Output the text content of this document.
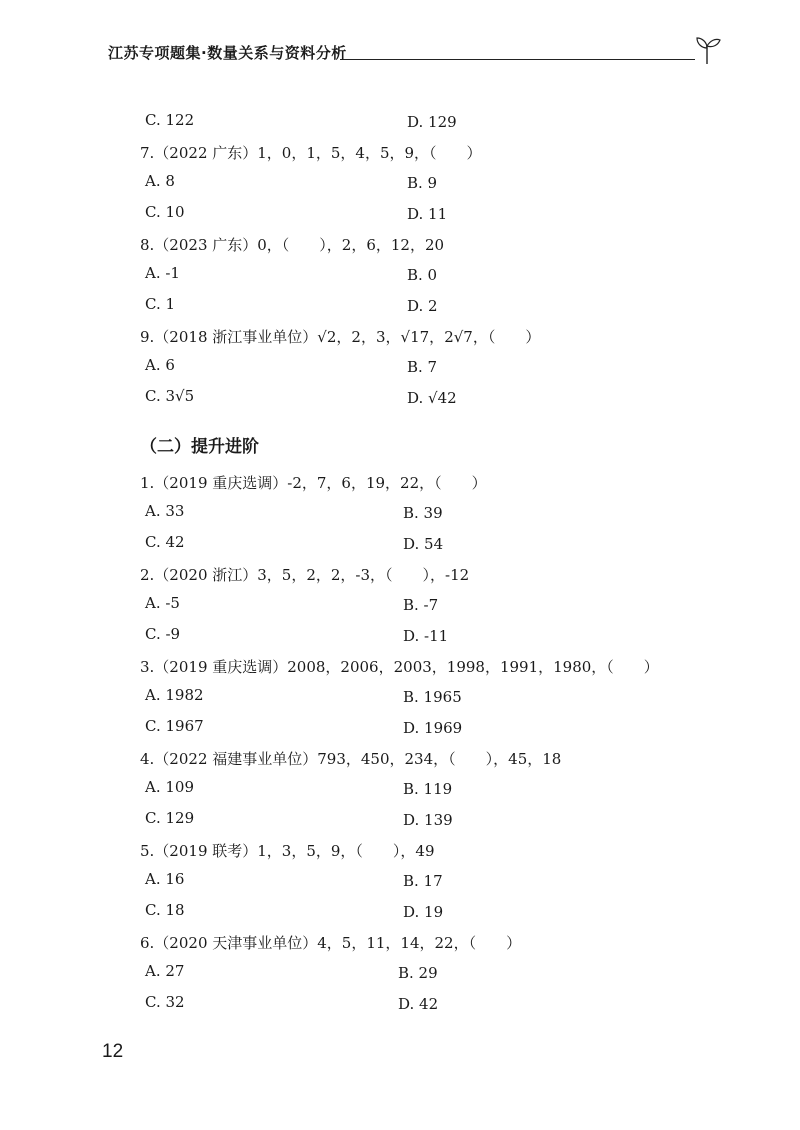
江苏专项题集·数量关系与资料分析
C. 122	D. 129
7.（2022 广东）1，0，1，5，4，5，9，（　　）
A. 8	B. 9
C. 10	D. 11
8.（2023 广东）0，（　　），2，6，12，20
A. -1	B. 0
C. 1	D. 2
9.（2018 浙江事业单位）√2，2，3，√17，2√7，（　　）
A. 6	B. 7
C. 3√5	D. √42
（二）提升进阶
1.（2019 重庆选调）-2，7，6，19，22，（　　）
A. 33	B. 39
C. 42	D. 54
2.（2020 浙江）3，5，2，2，-3，（　　），-12
A. -5	B. -7
C. -9	D. -11
3.（2019 重庆选调）2008，2006，2003，1998，1991，1980，（　　）
A. 1982	B. 1965
C. 1967	D. 1969
4.（2022 福建事业单位）793，450，234，（　　），45，18
A. 109	B. 119
C. 129	D. 139
5.（2019 联考）1，3，5，9，（　　），49
A. 16	B. 17
C. 18	D. 19
6.（2020 天津事业单位）4，5，11，14，22，（　　）
A. 27	B. 29
C. 32	D. 42
12
